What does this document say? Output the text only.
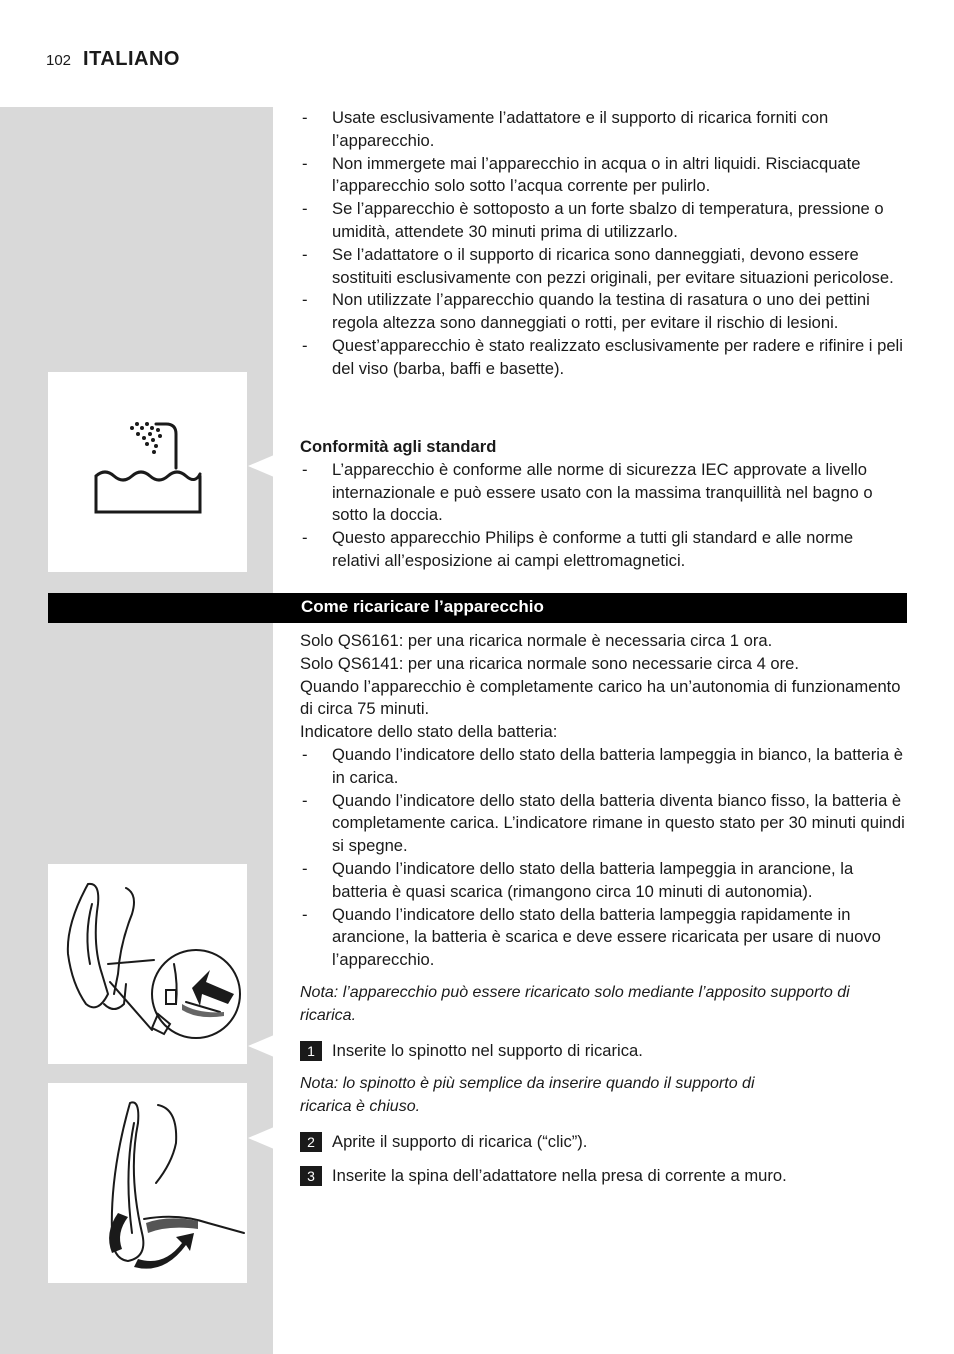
102 ITALIANO
- Usate esclusivamente l’adattatore e il supporto di ricarica forniti con l’apparecchio.
- Non immergete mai l’apparecchio in acqua o in altri liquidi. Risciacquate l’apparecchio solo sotto l’acqua corrente per pulirlo.
- Se l’apparecchio è sottoposto a un forte sbalzo di temperatura, pressione o umidità, attendete 30 minuti prima di utilizzarlo.
- Se l’adattatore o il supporto di ricarica sono danneggiati, devono essere sostituiti esclusivamente con pezzi originali, per evitare situazioni pericolose.
- Non utilizzate l’apparecchio quando la testina di rasatura o uno dei pettini regola altezza sono danneggiati o rotti, per evitare il rischio di lesioni.
- Quest’apparecchio è stato realizzato esclusivamente per radere e rifinire i peli del viso (barba, baffi e basette).

Conformità agli standard

- L’apparecchio è conforme alle norme di sicurezza IEC approvate a livello internazionale e può essere usato con la massima tranquillità nel bagno o sotto la doccia.
- Questo apparecchio Philips è conforme a tutti gli standard e alle norme relativi all’esposizione ai campi elettromagnetici.
Come ricaricare l’apparecchio

Solo QS6161: per una ricarica normale è necessaria circa 1 ora.

Solo QS6141: per una ricarica normale sono necessarie circa 4 ore.

Quando l’apparecchio è completamente carico ha un’autonomia di funzionamento di circa 75 minuti.

Indicatore dello stato della batteria:

- Quando l’indicatore dello stato della batteria lampeggia in bianco, la batteria è in carica.
- Quando l’indicatore dello stato della batteria diventa bianco fisso, la batteria è completamente carica. L’indicatore rimane in questo stato per 30 minuti quindi si spegne.
- Quando l’indicatore dello stato della batteria lampeggia in arancione, la batteria è quasi scarica (rimangono circa 10 minuti di autonomia).
- Quando l’indicatore dello stato della batteria lampeggia rapidamente in arancione, la batteria è scarica e deve essere ricaricata per usare di nuovo l’apparecchio.

Nota: l’apparecchio può essere ricaricato solo mediante l’apposito supporto di ricarica.

1	Inserite lo spinotto nel supporto di ricarica.
Nota: lo spinotto è più semplice da inserire quando il supporto di
ricarica è chiuso.
2	Aprite il supporto di ricarica (“clic”).
3	Inserite la spina dell’adattatore nella presa di corrente a muro.
